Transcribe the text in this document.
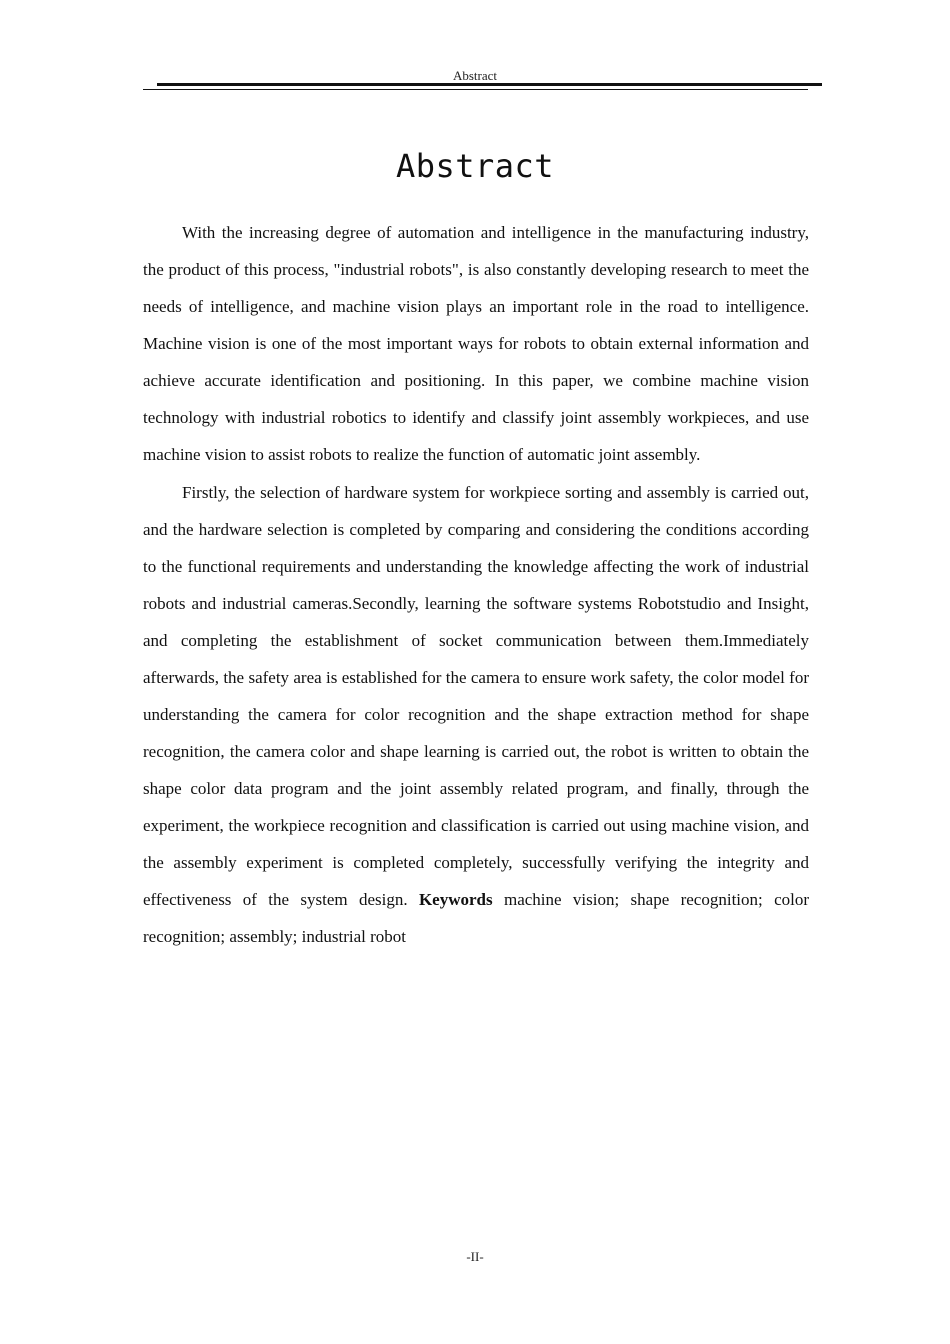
Abstract
Abstract

With the increasing degree of automation and intelligence in the manufacturing industry, the product of this process, "industrial robots", is also constantly developing research to meet the needs of intelligence, and machine vision plays an important role in the road to intelligence. Machine vision is one of the most important ways for robots to obtain external information and achieve accurate identification and positioning. In this paper, we combine machine vision technology with industrial robotics to identify and classify joint assembly workpieces, and use machine vision to assist robots to realize the function of automatic joint assembly.

Firstly, the selection of hardware system for workpiece sorting and assembly is carried out, and the hardware selection is completed by comparing and considering the conditions according to the functional requirements and understanding the knowledge affecting the work of industrial robots and industrial cameras.Secondly, learning the software systems Robotstudio and Insight, and completing the establishment of socket communication between them.Immediately afterwards, the safety area is established for the camera to ensure work safety, the color model for understanding the camera for color recognition and the shape extraction method for shape recognition, the camera color and shape learning is carried out, the robot is written to obtain the shape color data program and the joint assembly related program, and finally, through the experiment, the workpiece recognition and classification is carried out using machine vision, and the assembly experiment is completed completely, successfully verifying the integrity and effectiveness of the system design. Keywords machine vision; shape recognition; color recognition; assembly; industrial robot

-II-
